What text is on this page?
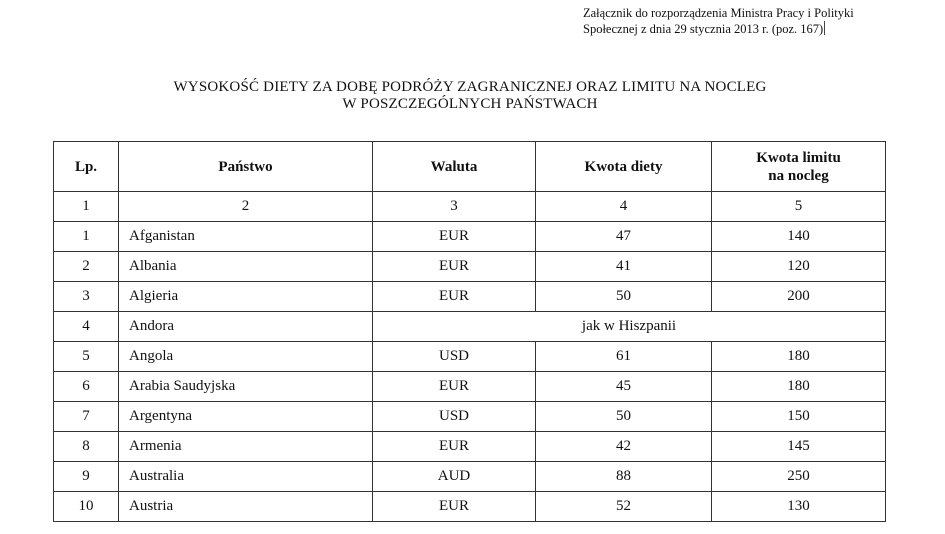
Załącznik do rozporządzenia Ministra Pracy i Polityki
Społecznej z dnia 29 stycznia 2013 r. (poz. 167)
WYSOKOŚĆ DIETY ZA DOBĘ PODRÓŻY ZAGRANICZNEJ ORAZ LIMITU NA NOCLEG
W POSZCZEGÓLNYCH PAŃSTWACH
Lp.	Państwo	Waluta	Kwota diety	Kwota limitu
na nocleg

1	2	3	4	5
1	Afganistan	EUR	47	140
2	Albania	EUR	41	120
3	Algieria	EUR	50	200
4	Andora	jak w Hiszpanii		
5	Angola	USD	61	180
6	Arabia Saudyjska	EUR	45	180
7	Argentyna	USD	50	150
8	Armenia	EUR	42	145
9	Australia	AUD	88	250
10	Austria	EUR	52	130
